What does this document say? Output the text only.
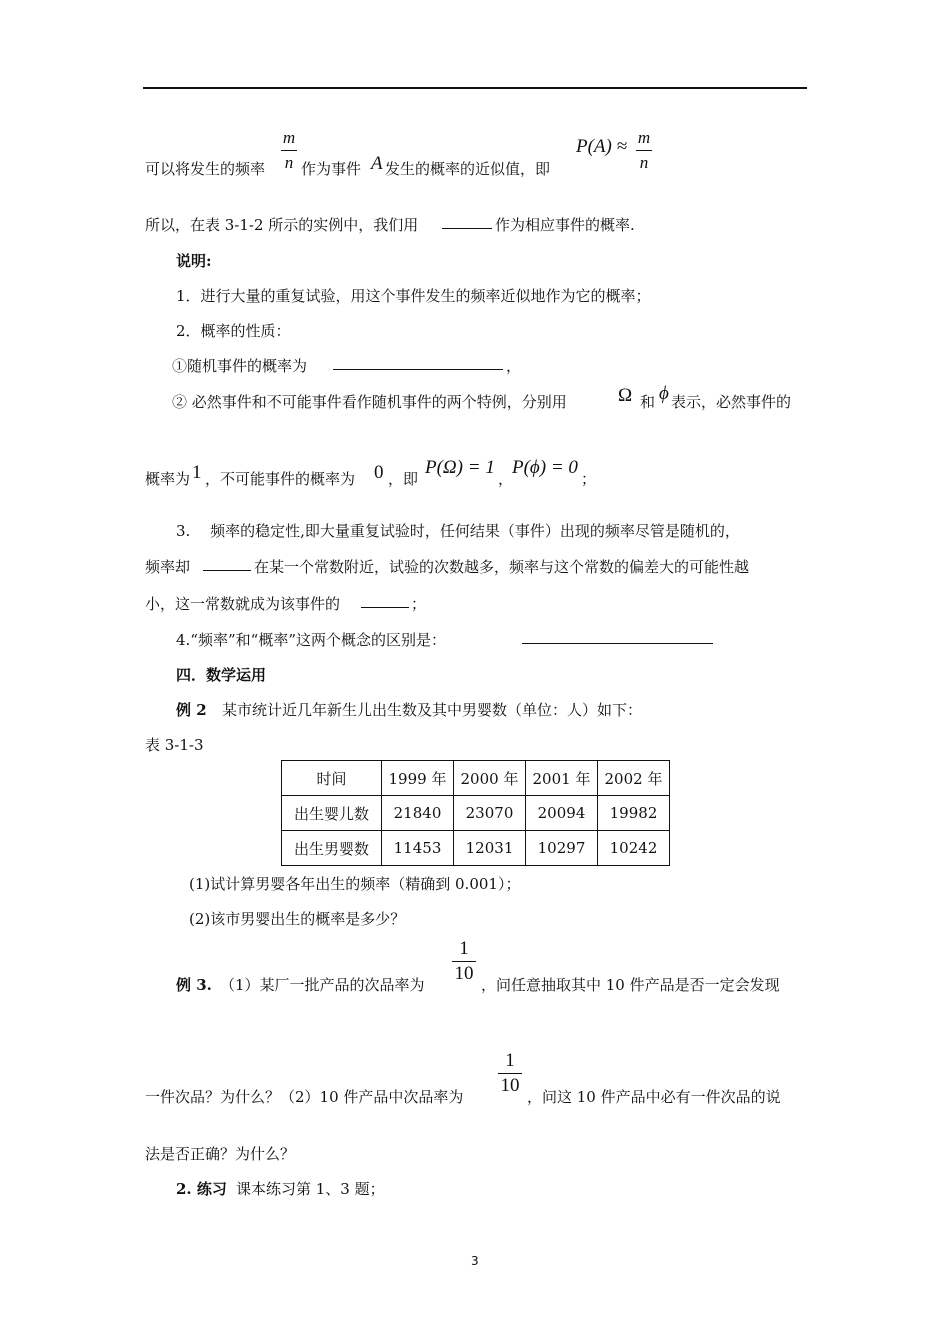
可以将发生的频率
m
n 作为事件 A 发生的概率的近似值，即
P(A) ≈ m
n
所以，在表 3-1-2 所示的实例中，我们用	作为相应事件的概率.
说明:
1．进行大量的重复试验，用这个事件发生的频率近似地作为它的概率；
2．概率的性质：
①随机事件的概率为	，
② 必然事件和不可能事件看作随机事件的两个特例，分别用	Ω 和 ϕ 表示，必然事件的
概率为 1 ，不可能事件的概率为 0 ，即
P(Ω) = 1
，
P(ϕ) = 0
；
3.　 频率的稳定性,即大量重复试验时，任何结果（事件）出现的频率尽管是随机的，
频率却	在某一个常数附近，试验的次数越多，频率与这个常数的偏差大的可能性越
小，这一常数就成为该事件的	；
4.“频率”和“概率”这两个概念的区别是：
四．数学运用
例 2 某市统计近几年新生儿出生数及其中男婴数（单位：人）如下：
表 3-1-3
时间	1999 年	2000 年	2001 年	2002 年
出生婴儿数	21840	23070	20094	19982
出生男婴数	11453	12031	10297	10242
(1)试计算男婴各年出生的频率（精确到 0.001）；
(2)该市男婴出生的概率是多少？
例 3. （1）某厂一批产品的次品率为
1
10
，问任意抽取其中 10 件产品是否一定会发现
一件次品？为什么？（2）10 件产品中次品率为
1
10
，问这 10 件产品中必有一件次品的说
法是否正确？为什么？
2. 练习 课本练习第 1、3 题；
3
